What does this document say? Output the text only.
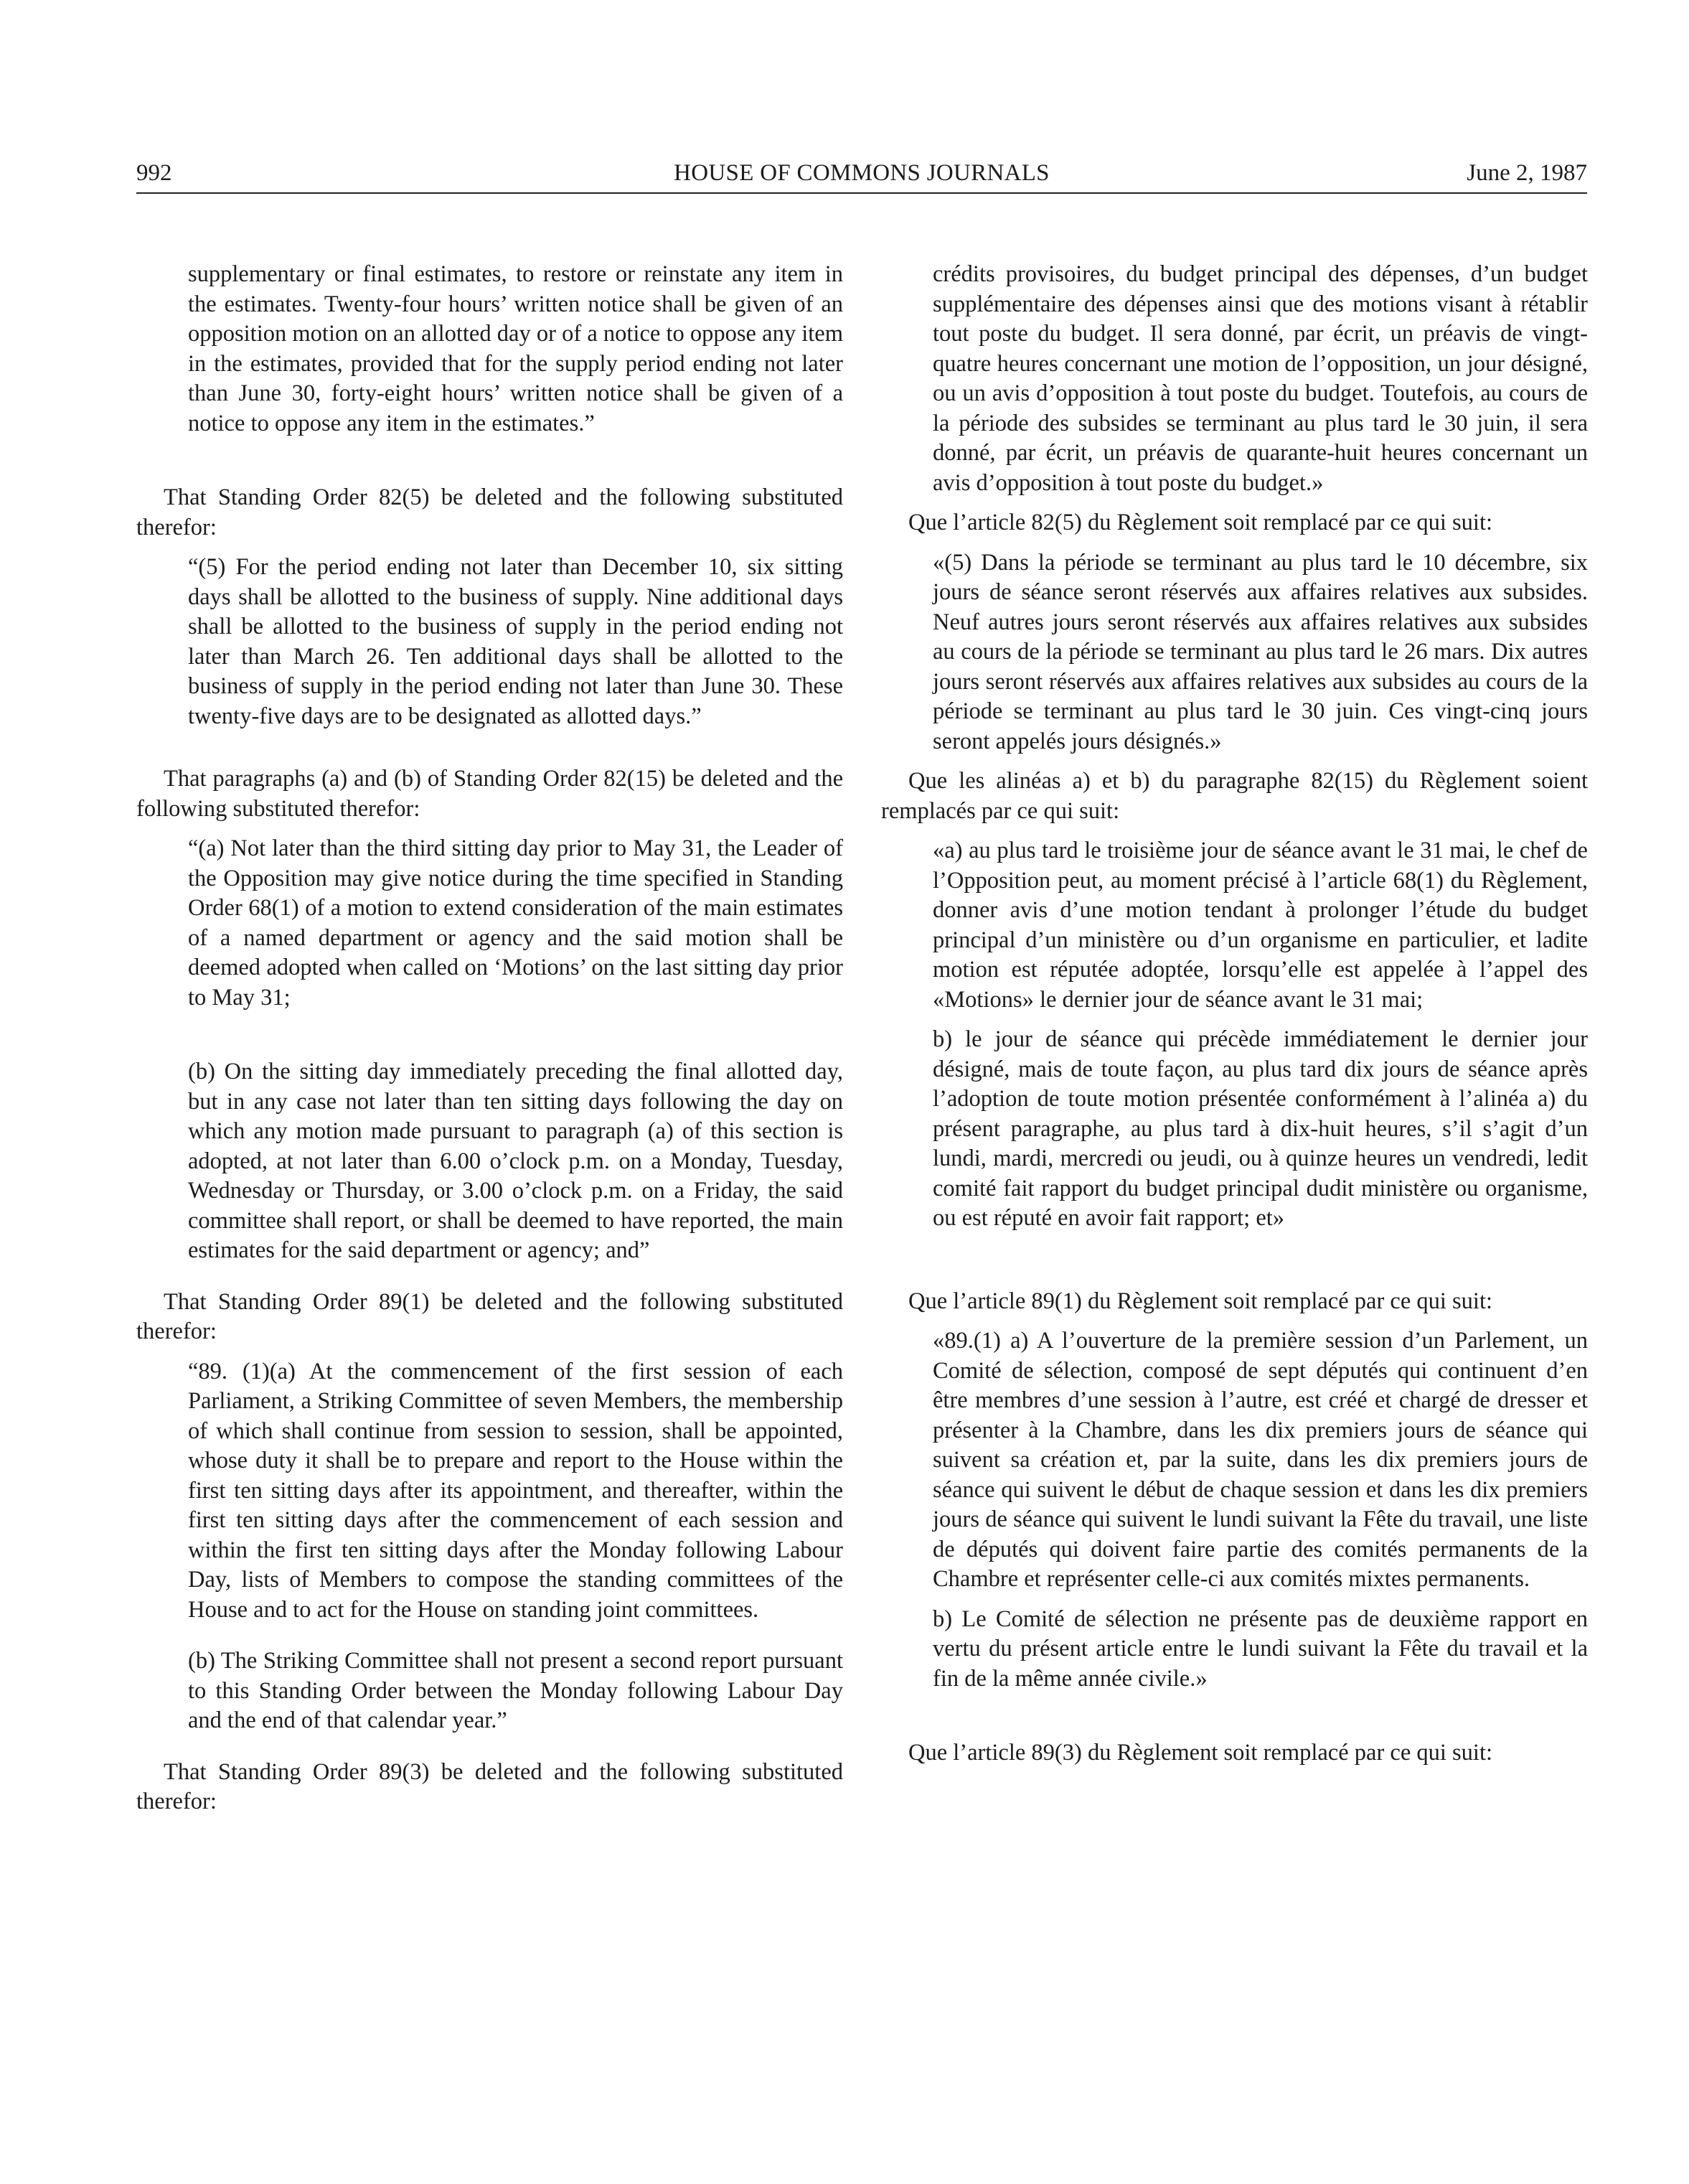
HOUSE OF COMMONS JOURNALS
992	June 2, 1987

supplementary or final estimates, to restore or reinstate any item in the estimates. Twenty-four hours’ written notice shall be given of an opposition motion on an allotted day or of a notice to oppose any item in the estimates, provided that for the supply period ending not later than June 30, forty-eight hours’ written notice shall be given of a notice to oppose any item in the estimates.”

That Standing Order 82(5) be deleted and the following substituted therefor:

“(5) For the period ending not later than December 10, six sitting days shall be allotted to the business of supply. Nine additional days shall be allotted to the business of supply in the period ending not later than March 26. Ten additional days shall be allotted to the business of supply in the period ending not later than June 30. These twenty-five days are to be designated as allotted days.”

That paragraphs (a) and (b) of Standing Order 82(15) be deleted and the following substituted therefor:

“(a) Not later than the third sitting day prior to May 31, the Leader of the Opposition may give notice during the time specified in Standing Order 68(1) of a motion to extend consideration of the main estimates of a named department or agency and the said motion shall be deemed adopted when called on ‘Motions’ on the last sitting day prior to May 31;

(b) On the sitting day immediately preceding the final allotted day, but in any case not later than ten sitting days following the day on which any motion made pursuant to paragraph (a) of this section is adopted, at not later than 6.00 o’clock p.m. on a Monday, Tuesday, Wednesday or Thursday, or 3.00 o’clock p.m. on a Friday, the said committee shall report, or shall be deemed to have reported, the main estimates for the said department or agency; and”

That Standing Order 89(1) be deleted and the following substituted therefor:

“89. (1)(a) At the commencement of the first session of each Parliament, a Striking Committee of seven Members, the membership of which shall continue from session to session, shall be appointed, whose duty it shall be to prepare and report to the House within the first ten sitting days after its appointment, and thereafter, within the first ten sitting days after the commencement of each session and within the first ten sitting days after the Monday following Labour Day, lists of Members to compose the standing committees of the House and to act for the House on standing joint committees.

(b) The Striking Committee shall not present a second report pursuant to this Standing Order between the Monday following Labour Day and the end of that calendar year.”

That Standing Order 89(3) be deleted and the following substituted therefor:

crédits provisoires, du budget principal des dépenses, d’un budget supplémentaire des dépenses ainsi que des motions visant à rétablir tout poste du budget. Il sera donné, par écrit, un préavis de vingt-quatre heures concernant une motion de l’opposition, un jour désigné, ou un avis d’opposition à tout poste du budget. Toutefois, au cours de la période des subsides se terminant au plus tard le 30 juin, il sera donné, par écrit, un préavis de quarante-huit heures concernant un avis d’opposition à tout poste du budget.»

Que l’article 82(5) du Règlement soit remplacé par ce qui suit:

«(5) Dans la période se terminant au plus tard le 10 décembre, six jours de séance seront réservés aux affaires relatives aux subsides. Neuf autres jours seront réservés aux affaires relatives aux subsides au cours de la période se terminant au plus tard le 26 mars. Dix autres jours seront réservés aux affaires relatives aux subsides au cours de la période se terminant au plus tard le 30 juin. Ces vingt-cinq jours seront appelés jours désignés.»

Que les alinéas a) et b) du paragraphe 82(15) du Règlement soient remplacés par ce qui suit:

«a) au plus tard le troisième jour de séance avant le 31 mai, le chef de l’Opposition peut, au moment précisé à l’article 68(1) du Règlement, donner avis d’une motion tendant à prolonger l’étude du budget principal d’un ministère ou d’un organisme en particulier, et ladite motion est réputée adoptée, lorsqu’elle est appelée à l’appel des «Motions» le dernier jour de séance avant le 31 mai;

b) le jour de séance qui précède immédiatement le dernier jour désigné, mais de toute façon, au plus tard dix jours de séance après l’adoption de toute motion présentée conformément à l’alinéa a) du présent paragraphe, au plus tard à dix-huit heures, s’il s’agit d’un lundi, mardi, mercredi ou jeudi, ou à quinze heures un vendredi, ledit comité fait rapport du budget principal dudit ministère ou organisme, ou est réputé en avoir fait rapport; et»

Que l’article 89(1) du Règlement soit remplacé par ce qui suit:

«89.(1) a) A l’ouverture de la première session d’un Parlement, un Comité de sélection, composé de sept députés qui continuent d’en être membres d’une session à l’autre, est créé et chargé de dresser et présenter à la Chambre, dans les dix premiers jours de séance qui suivent sa création et, par la suite, dans les dix premiers jours de séance qui suivent le début de chaque session et dans les dix premiers jours de séance qui suivent le lundi suivant la Fête du travail, une liste de députés qui doivent faire partie des comités permanents de la Chambre et représenter celle-ci aux comités mixtes permanents.

b) Le Comité de sélection ne présente pas de deuxième rapport en vertu du présent article entre le lundi suivant la Fête du travail et la fin de la même année civile.»

Que l’article 89(3) du Règlement soit remplacé par ce qui suit:
